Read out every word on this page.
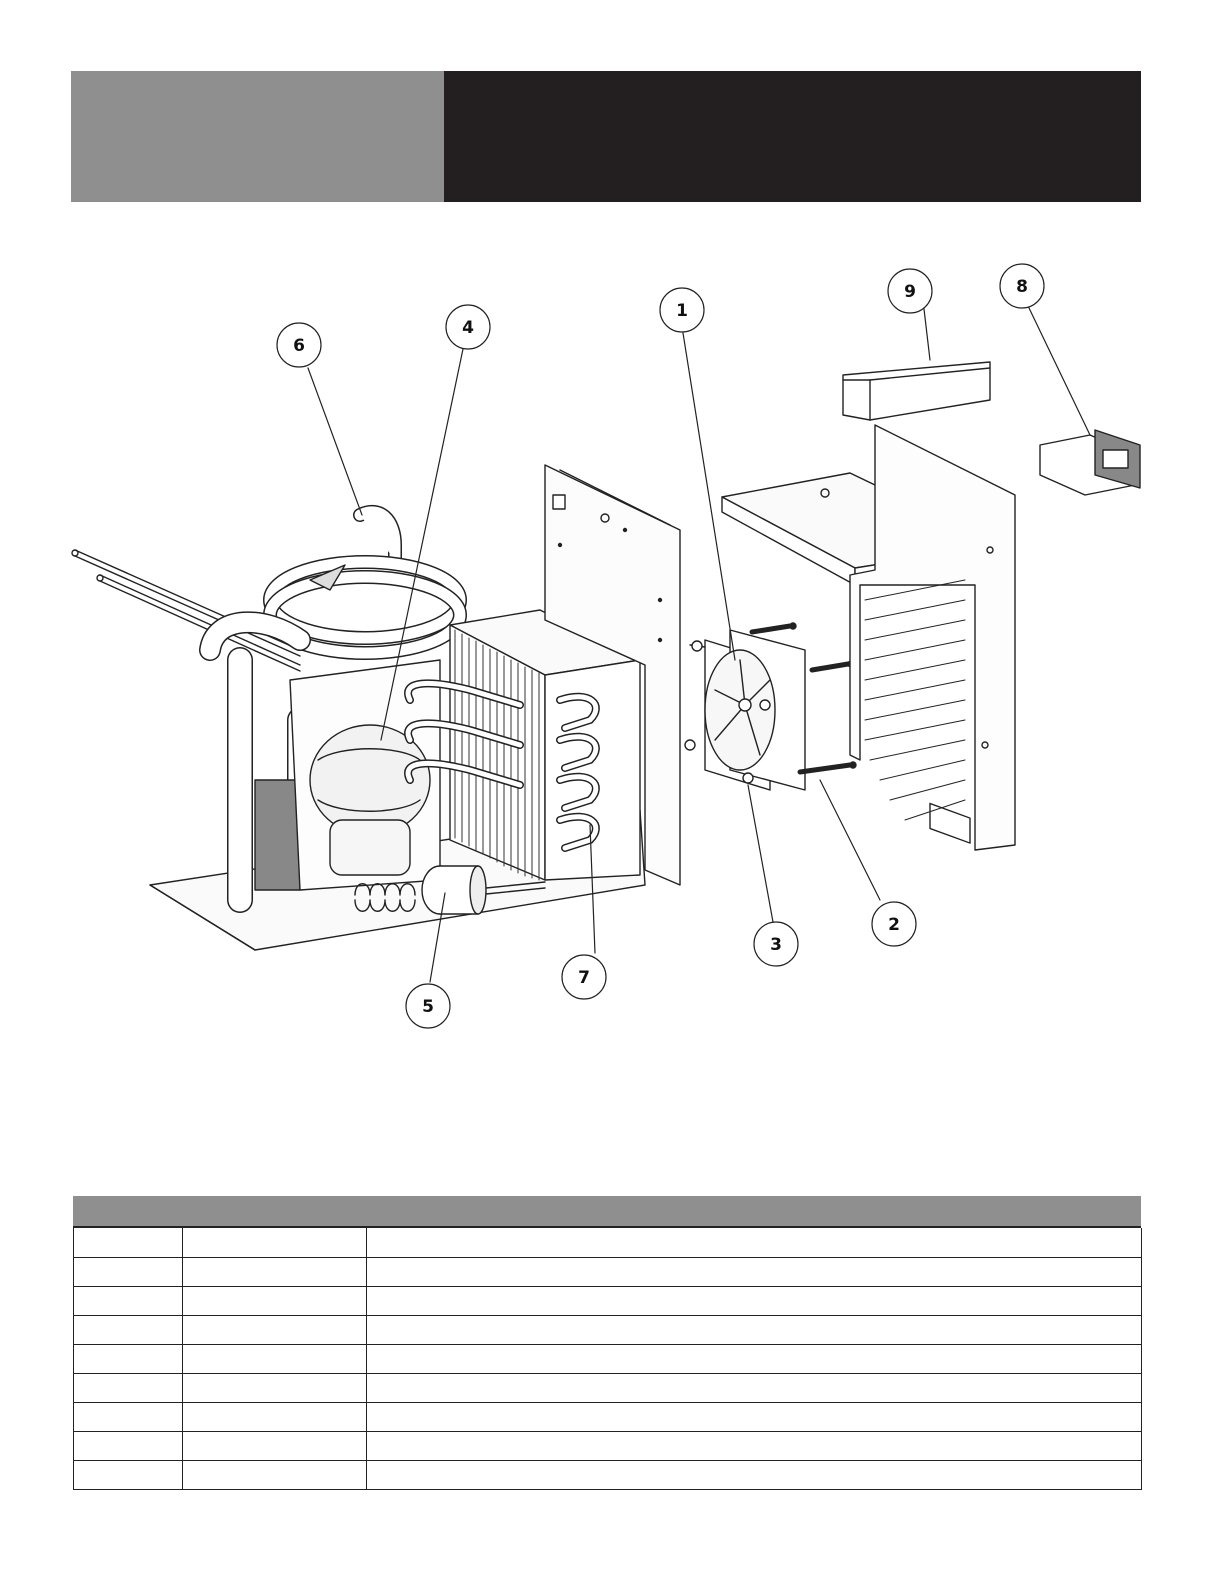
1
2
3
4
5
6
7
8
9
